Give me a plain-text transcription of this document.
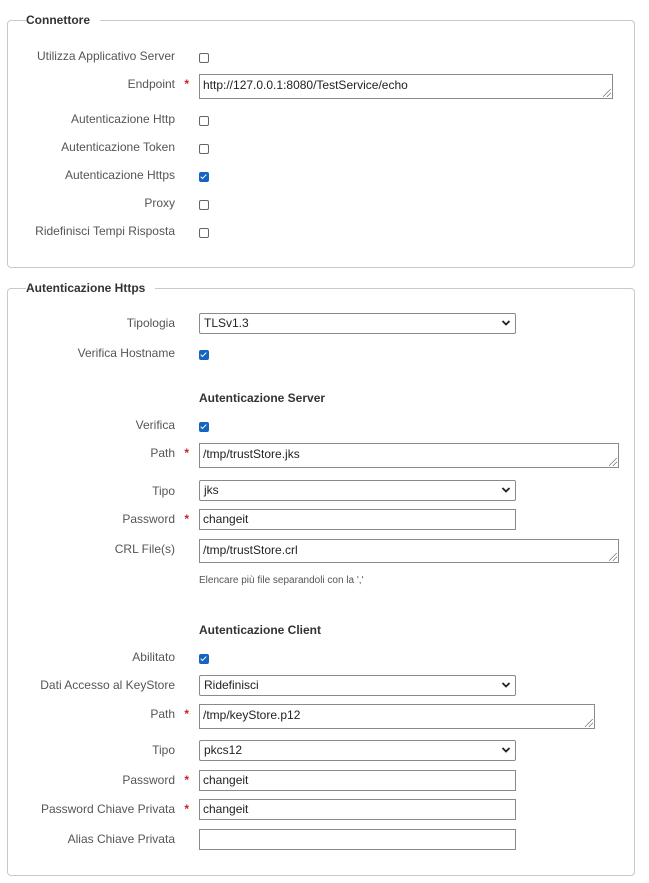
Connettore
Utilizza Applicativo Server
Endpoint *	http://127.0.0.1:8080/TestService/echo
Autenticazione Http
Autenticazione Token
Autenticazione Https
Proxy
Ridefinisci Tempi Risposta
Autenticazione Https
Tipologia	TLSv1.3
Verifica Hostname
Autenticazione Server
Verifica
Path *	/tmp/trustStore.jks
Tipo	jks
Password *	changeit
CRL File(s)	/tmp/trustStore.crl
Elencare più file separandoli con la ','
Autenticazione Client
Abilitato
Dati Accesso al KeyStore	Ridefinisci
Path *	/tmp/keyStore.p12
Tipo	pkcs12
Password *	changeit
Password Chiave Privata *	changeit
Alias Chiave Privata
